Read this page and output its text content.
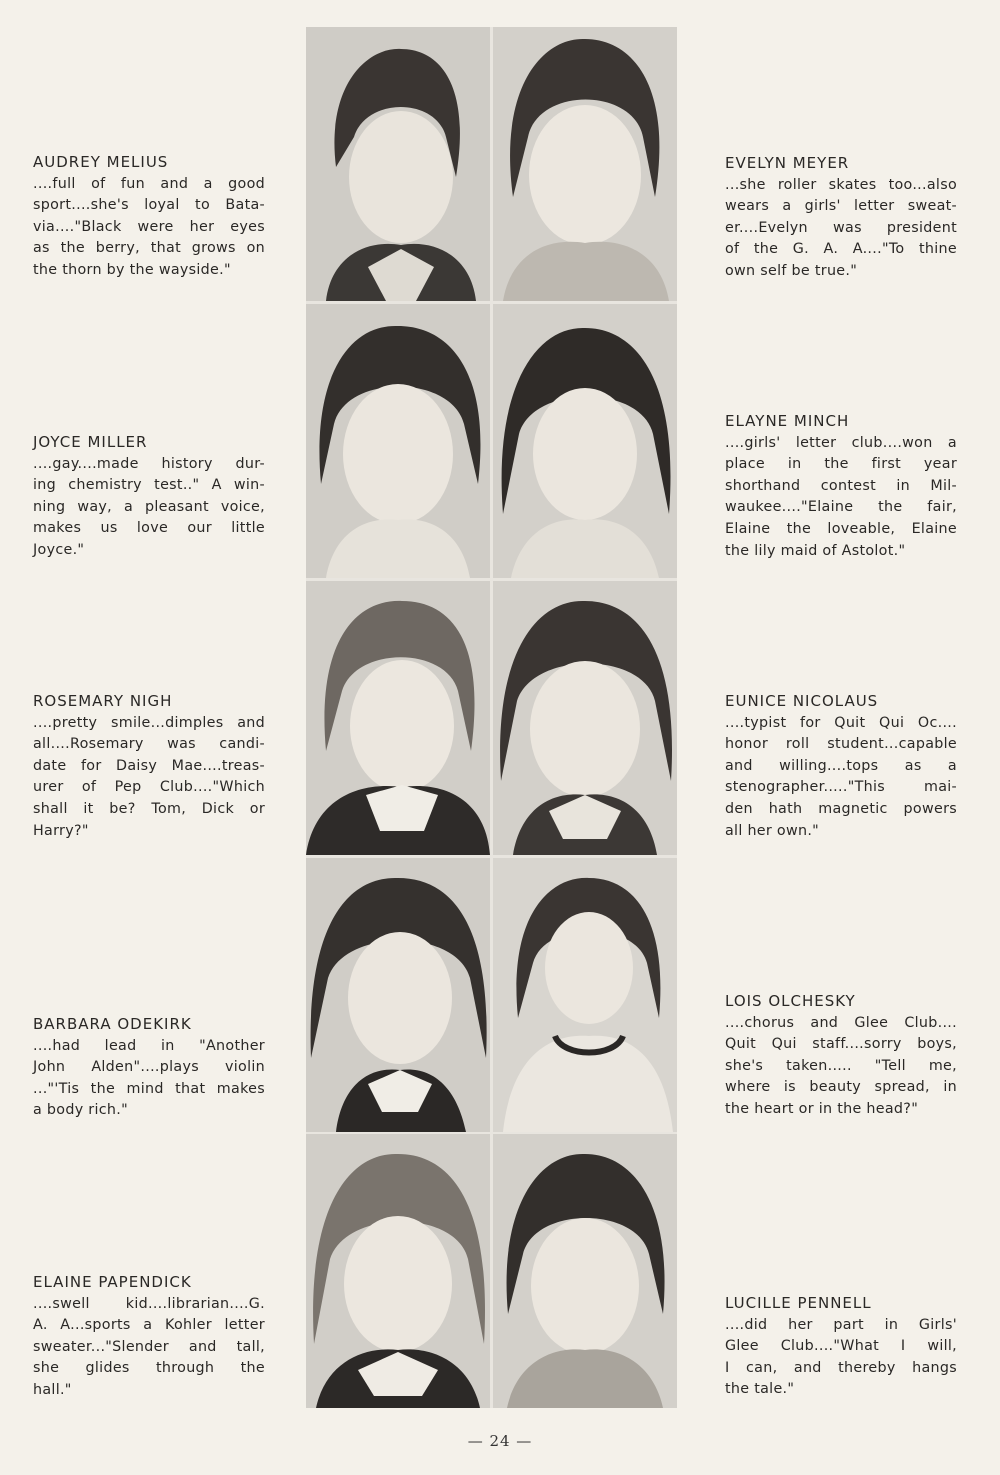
AUDREY MELIUS
....full of fun and a good
sport....she's loyal to Bata-
via...."Black were her eyes
as the berry, that grows on
the thorn by the wayside."
JOYCE MILLER
....gay....made history dur-
ing chemistry test.." A win-
ning way, a pleasant voice,
makes us love our little
Joyce."
ROSEMARY NIGH
....pretty smile...dimples and
all....Rosemary was candi-
date for Daisy Mae....treas-
urer of Pep Club...."Which
shall it be? Tom, Dick or
Harry?"
BARBARA ODEKIRK
....had lead in "Another
John Alden"....plays violin
..."'Tis the mind that makes
a body rich."
ELAINE PAPENDICK
....swell kid....librarian....G.
A. A...sports a Kohler letter
sweater..."Slender and tall,
she glides through the
hall."
EVELYN MEYER
...she roller skates too...also
wears a girls' letter sweat-
er....Evelyn was president
of the G. A. A...."To thine
own self be true."
ELAYNE MINCH
....girls' letter club....won a
place in the first year
shorthand contest in Mil-
waukee...."Elaine the fair,
Elaine the loveable, Elaine
the lily maid of Astolot."
EUNICE NICOLAUS
....typist for Quit Qui Oc....
honor roll student...capable
and willing....tops as a
stenographer....."This mai-
den hath magnetic powers
all her own."
LOIS OLCHESKY
....chorus and Glee Club....
Quit Qui staff....sorry boys,
she's taken..... "Tell me,
where is beauty spread, in
the heart or in the head?"
LUCILLE PENNELL
....did her part in Girls'
Glee Club...."What I will,
I can, and thereby hangs
the tale."
— 24 —
